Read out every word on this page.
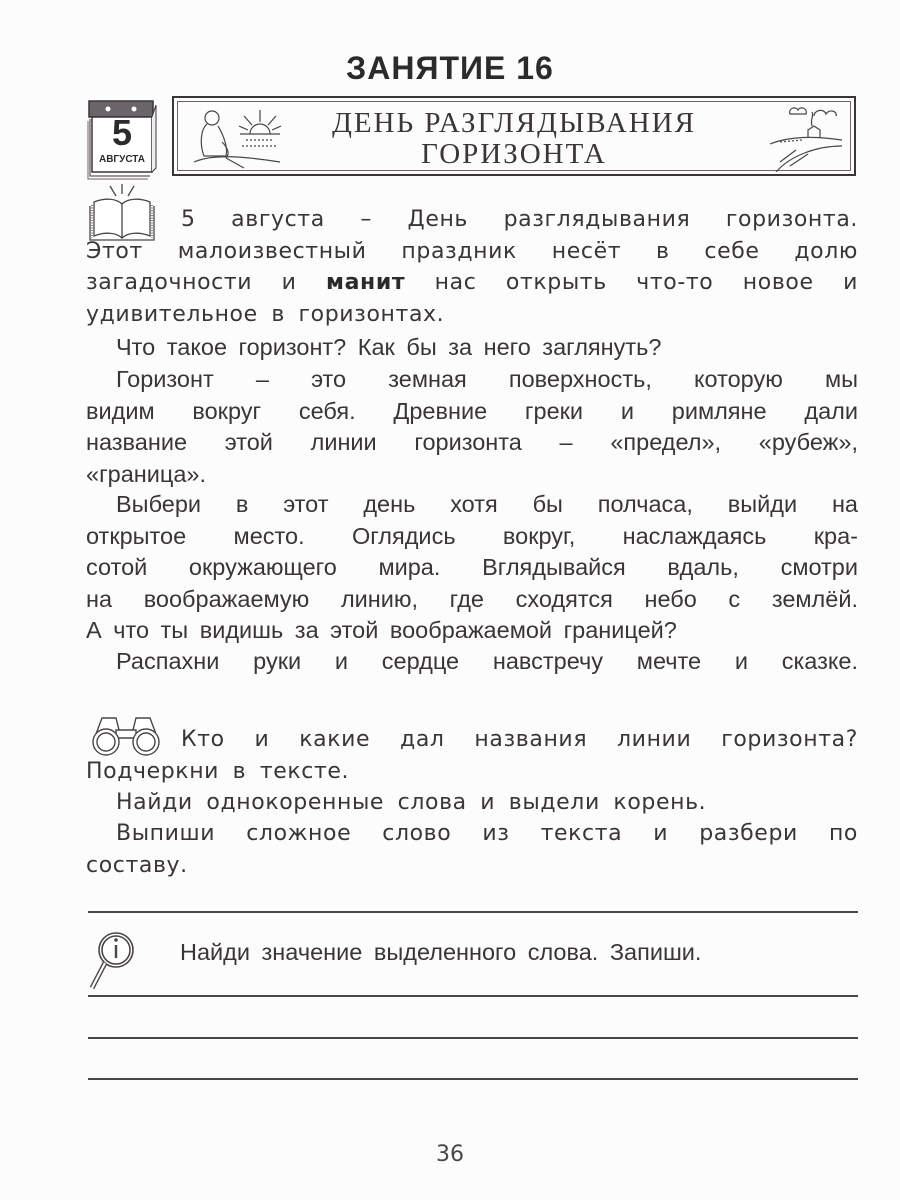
ЗАНЯТИЕ 16
5
АВГУСТА
ДЕНЬ РАЗГЛЯДЫВАНИЯ
ГОРИЗОНТА

5 августа – День разглядывания горизонта.

Этот малоизвестный праздник несёт в себе долю

загадочности и манит нас открыть что-то новое и

удивительное в горизонтах.

Что такое горизонт? Как бы за него заглянуть?

Горизонт – это земная поверхность, которую мы

видим вокруг себя. Древние греки и римляне дали

название этой линии горизонта – «предел», «рубеж»,

«граница».

Выбери в этот день хотя бы полчаса, выйди на

открытое место. Оглядись вокруг, наслаждаясь кра-

сотой окружающего мира. Вглядывайся вдаль, смотри

на воображаемую линию, где сходятся небо с землёй.

А что ты видишь за этой воображаемой границей?

Распахни руки и сердце навстречу мечте и сказке.

Кто и какие дал названия линии горизонта?

Подчеркни в тексте.

Найди однокоренные слова и выдели корень.

Выпиши сложное слово из текста и разбери по

составу.

Найди значение выделенного слова. Запиши.

36
